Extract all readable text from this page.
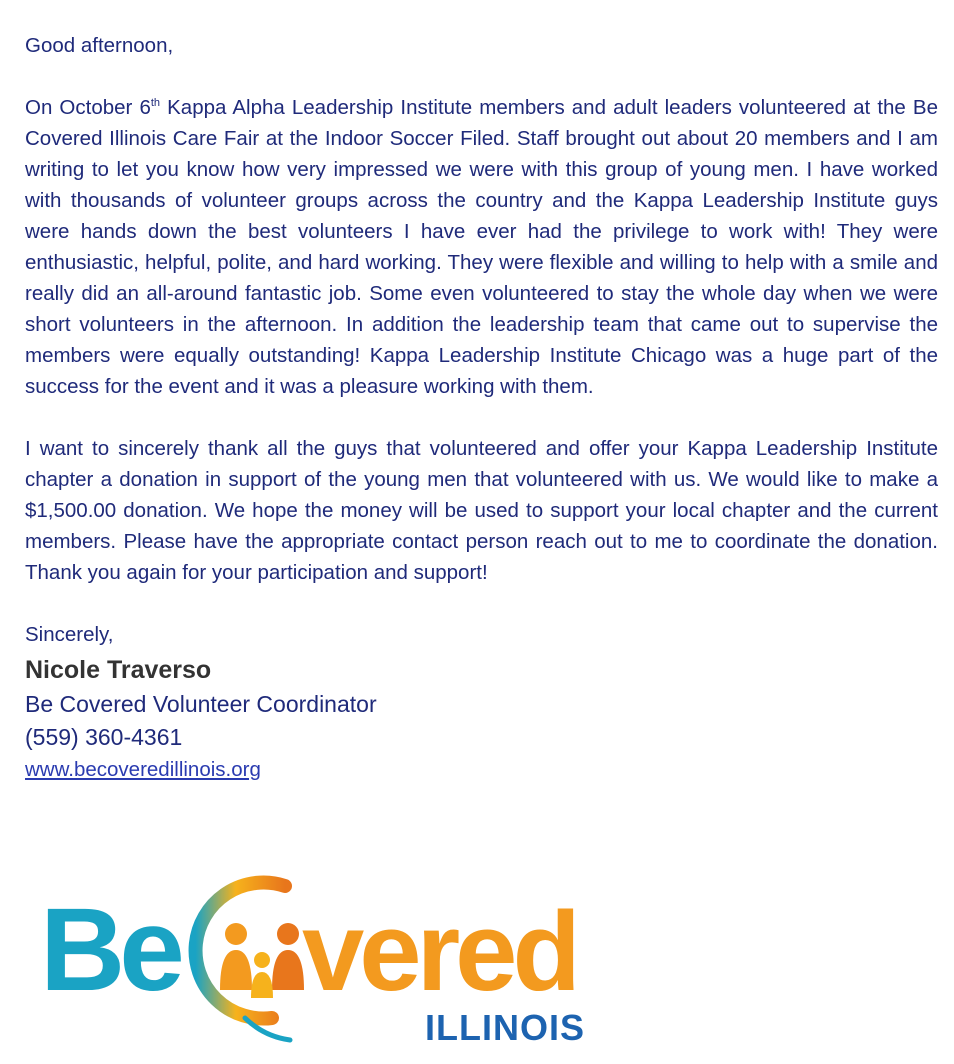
Good afternoon,
On October 6th Kappa Alpha Leadership Institute members and adult leaders volunteered at the Be Covered Illinois Care Fair at the Indoor Soccer Filed. Staff brought out about 20 members and I am writing to let you know how very impressed we were with this group of young men. I have worked with thousands of volunteer groups across the country and the Kappa Leadership Institute guys were hands down the best volunteers I have ever had the privilege to work with! They were enthusiastic, helpful, polite, and hard working. They were flexible and willing to help with a smile and really did an all-around fantastic job. Some even volunteered to stay the whole day when we were short volunteers in the afternoon. In addition the leadership team that came out to supervise the members were equally outstanding! Kappa Leadership Institute Chicago was a huge part of the success for the event and it was a pleasure working with them.
I want to sincerely thank all the guys that volunteered and offer your Kappa Leadership Institute chapter a donation in support of the young men that volunteered with us. We would like to make a $1,500.00 donation. We hope the money will be used to support your local chapter and the current members. Please have the appropriate contact person reach out to me to coordinate the donation. Thank you again for your participation and support!
Sincerely,
Nicole Traverso
Be Covered Volunteer Coordinator
(559) 360-4361
www.becoveredillinois.org
Be vered
ILLINOIS
